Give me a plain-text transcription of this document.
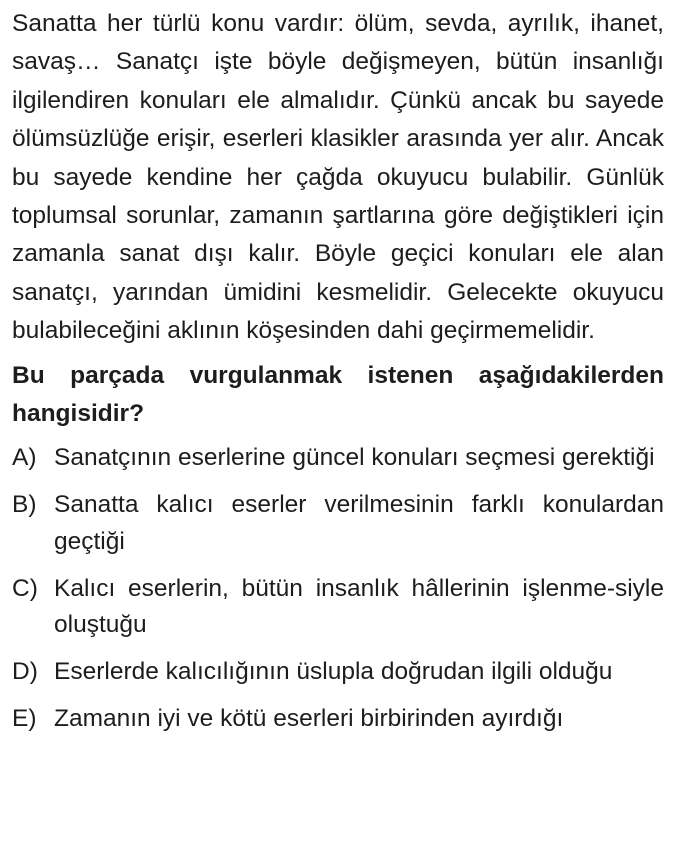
Sanatta her türlü konu vardır: ölüm, sevda, ayrılık, ihanet, savaş… Sanatçı işte böyle değişmeyen, bütün insanlığı ilgilendiren konuları ele almalıdır. Çünkü ancak bu sayede ölümsüzlüğe erişir, eserleri klasikler arasında yer alır. Ancak bu sayede kendine her çağda okuyucu bulabilir. Günlük toplumsal sorunlar, zamanın şartlarına göre değiştikleri için zamanla sanat dışı kalır. Böyle geçici konuları ele alan sanatçı, yarından ümidini kesmelidir. Gelecekte okuyucu bulabileceğini aklının köşesinden dahi geçirmemelidir.

Bu parçada vurgulanmak istenen aşağıdakilerden hangisidir?

A) Sanatçının eserlerine güncel konuları seçmesi gerektiği
B) Sanatta kalıcı eserler verilmesinin farklı konulardan geçtiği
C) Kalıcı eserlerin, bütün insanlık hâllerinin işlenme-siyle oluştuğu
D) Eserlerde kalıcılığının üslupla doğrudan ilgili olduğu
E) Zamanın iyi ve kötü eserleri birbirinden ayırdığı
